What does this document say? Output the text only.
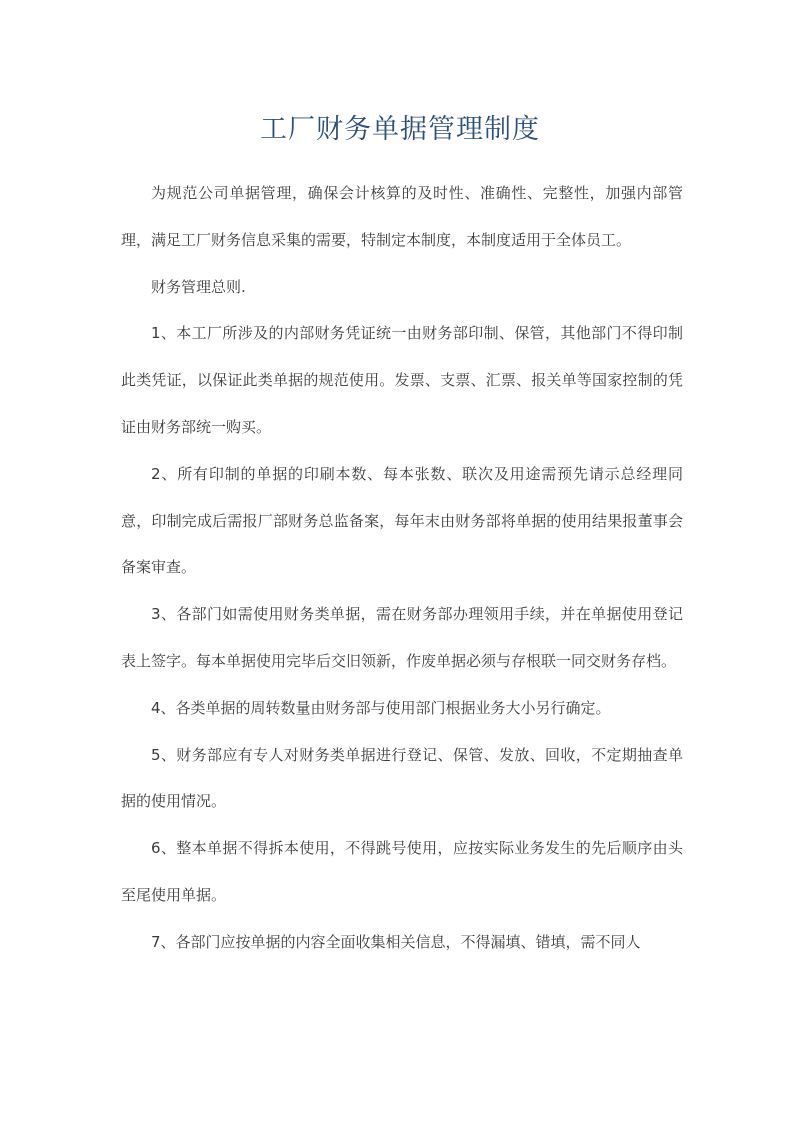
工厂财务单据管理制度

为规范公司单据管理，确保会计核算的及时性、准确性、完整性，加强内部管理，满足工厂财务信息采集的需要，特制定本制度，本制度适用于全体员工。

财务管理总则.

1、本工厂所涉及的内部财务凭证统一由财务部印制、保管，其他部门不得印制此类凭证，以保证此类单据的规范使用。发票、支票、汇票、报关单等国家控制的凭证由财务部统一购买。

2、所有印制的单据的印刷本数、每本张数、联次及用途需预先请示总经理同意，印制完成后需报厂部财务总监备案，每年末由财务部将单据的使用结果报董事会备案审查。

3、各部门如需使用财务类单据，需在财务部办理领用手续，并在单据使用登记表上签字。每本单据使用完毕后交旧领新，作废单据必须与存根联一同交财务存档。

4、各类单据的周转数量由财务部与使用部门根据业务大小另行确定。

5、财务部应有专人对财务类单据进行登记、保管、发放、回收，不定期抽查单据的使用情况。

6、整本单据不得拆本使用，不得跳号使用，应按实际业务发生的先后顺序由头至尾使用单据。

7、各部门应按单据的内容全面收集相关信息，不得漏填、错填，需不同人
